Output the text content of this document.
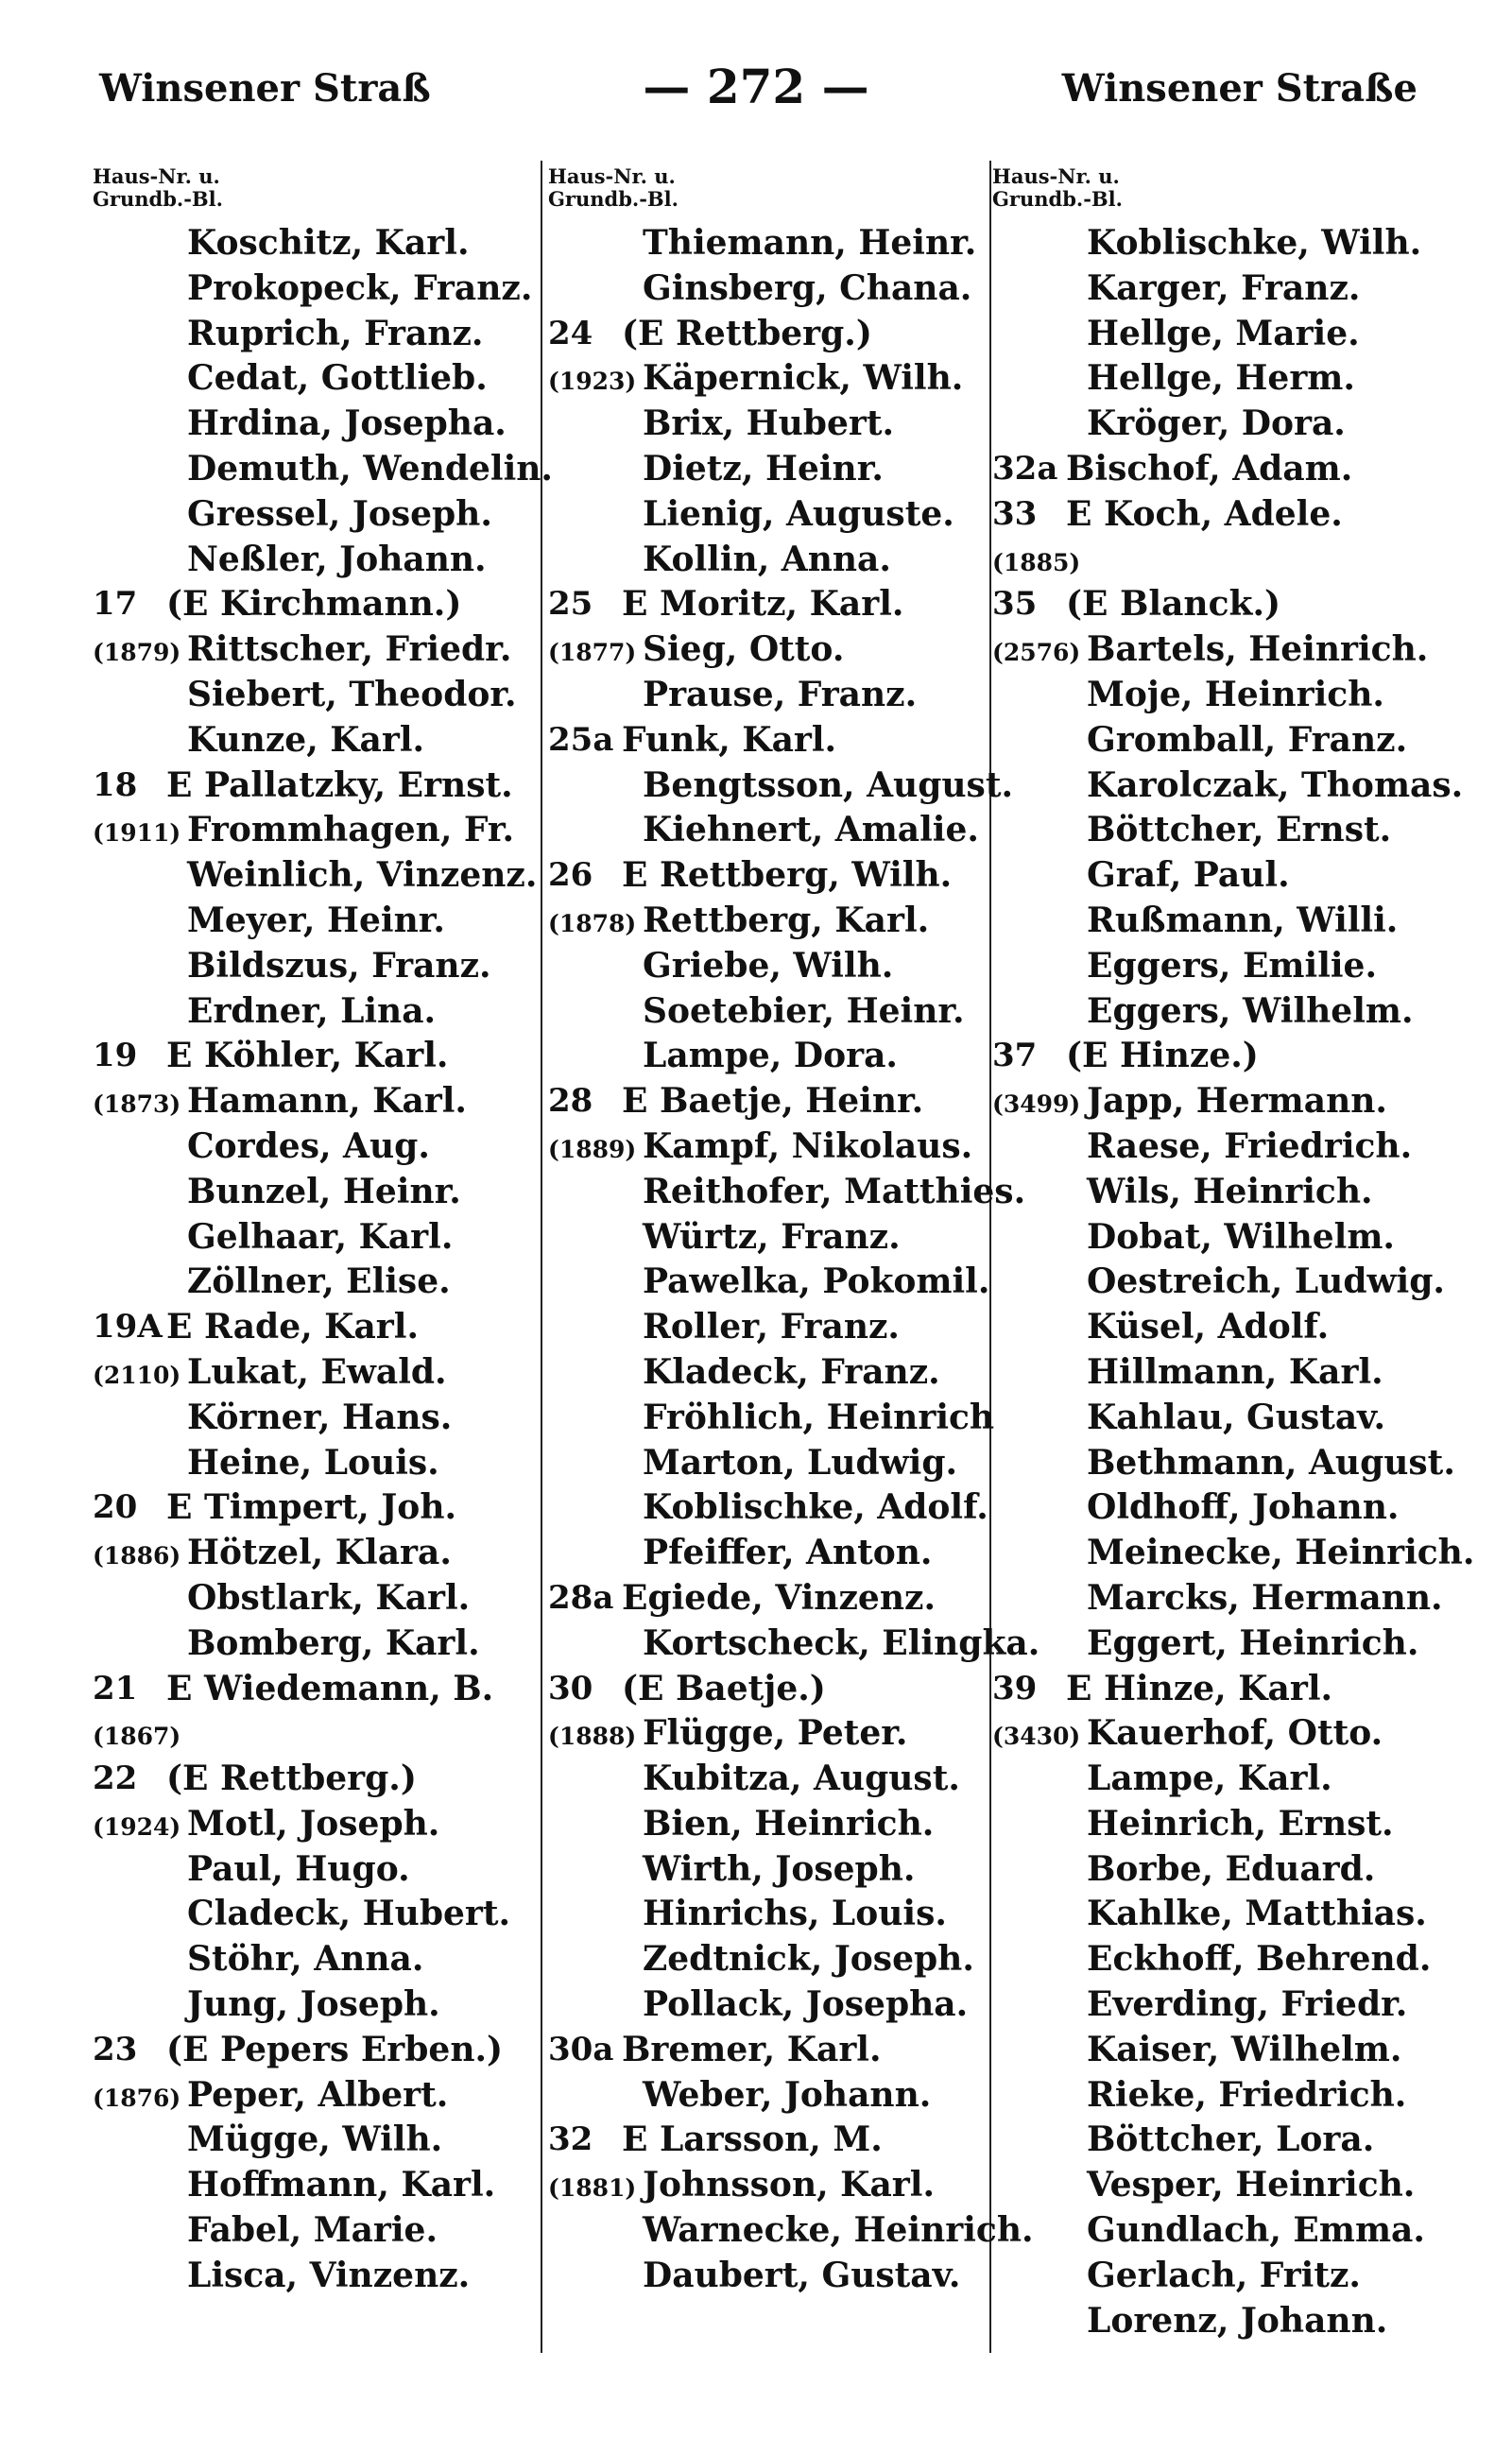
Winsener Straß	— 272 —	Winsener Straße
Haus-Nr. u.
Grundb.-Bl.
Koschitz, Karl.
Prokopeck, Franz.
Ruprich, Franz.
Cedat, Gottlieb.
Hrdina, Josepha.
Demuth, Wendelin.
Gressel, Joseph.
Neßler, Johann.
17 (E Kirchmann.)
(1879) Rittscher, Friedr.
Siebert, Theodor.
Kunze, Karl.
18 E Pallatzky, Ernst.
(1911) Frommhagen, Fr.
Weinlich, Vinzenz.
Meyer, Heinr.
Bildszus, Franz.
Erdner, Lina.
19 E Köhler, Karl.
(1873) Hamann, Karl.
Cordes, Aug.
Bunzel, Heinr.
Gelhaar, Karl.
Zöllner, Elise.
19A E Rade, Karl.
(2110) Lukat, Ewald.
Körner, Hans.
Heine, Louis.
20 E Timpert, Joh.
(1886) Hötzel, Klara.
Obstlark, Karl.
Bomberg, Karl.
21 E Wiedemann, B.
(1867)
22 (E Rettberg.)
(1924) Motl, Joseph.
Paul, Hugo.
Cladeck, Hubert.
Stöhr, Anna.
Jung, Joseph.
23 (E Pepers Erben.)
(1876) Peper, Albert.
Mügge, Wilh.
Hoffmann, Karl.
Fabel, Marie.
Lisca, Vinzenz.
Haus-Nr. u.
Grundb.-Bl.
Thiemann, Heinr.
Ginsberg, Chana.
24 (E Rettberg.)
(1923) Käpernick, Wilh.
Brix, Hubert.
Dietz, Heinr.
Lienig, Auguste.
Kollin, Anna.
25 E Moritz, Karl.
(1877) Sieg, Otto.
Prause, Franz.
25a Funk, Karl.
Bengtsson, August.
Kiehnert, Amalie.
26 E Rettberg, Wilh.
(1878) Rettberg, Karl.
Griebe, Wilh.
Soetebier, Heinr.
Lampe, Dora.
28 E Baetje, Heinr.
(1889) Kampf, Nikolaus.
Reithofer, Matthies.
Würtz, Franz.
Pawelka, Pokomil.
Roller, Franz.
Kladeck, Franz.
Fröhlich, Heinrich
Marton, Ludwig.
Koblischke, Adolf.
Pfeiffer, Anton.
28a Egiede, Vinzenz.
Kortscheck, Elingka.
30 (E Baetje.)
(1888) Flügge, Peter.
Kubitza, August.
Bien, Heinrich.
Wirth, Joseph.
Hinrichs, Louis.
Zedtnick, Joseph.
Pollack, Josepha.
30a Bremer, Karl.
Weber, Johann.
32 E Larsson, M.
(1881) Johnsson, Karl.
Warnecke, Heinrich.
Daubert, Gustav.
Haus-Nr. u.
Grundb.-Bl.
Koblischke, Wilh.
Karger, Franz.
Hellge, Marie.
Hellge, Herm.
Kröger, Dora.
32a Bischof, Adam.
33 E Koch, Adele.
(1885)
35 (E Blanck.)
(2576) Bartels, Heinrich.
Moje, Heinrich.
Gromball, Franz.
Karolczak, Thomas.
Böttcher, Ernst.
Graf, Paul.
Rußmann, Willi.
Eggers, Emilie.
Eggers, Wilhelm.
37 (E Hinze.)
(3499) Japp, Hermann.
Raese, Friedrich.
Wils, Heinrich.
Dobat, Wilhelm.
Oestreich, Ludwig.
Küsel, Adolf.
Hillmann, Karl.
Kahlau, Gustav.
Bethmann, August.
Oldhoff, Johann.
Meinecke, Heinrich.
Marcks, Hermann.
Eggert, Heinrich.
39 E Hinze, Karl.
(3430) Kauerhof, Otto.
Lampe, Karl.
Heinrich, Ernst.
Borbe, Eduard.
Kahlke, Matthias.
Eckhoff, Behrend.
Everding, Friedr.
Kaiser, Wilhelm.
Rieke, Friedrich.
Böttcher, Lora.
Vesper, Heinrich.
Gundlach, Emma.
Gerlach, Fritz.
Lorenz, Johann.
